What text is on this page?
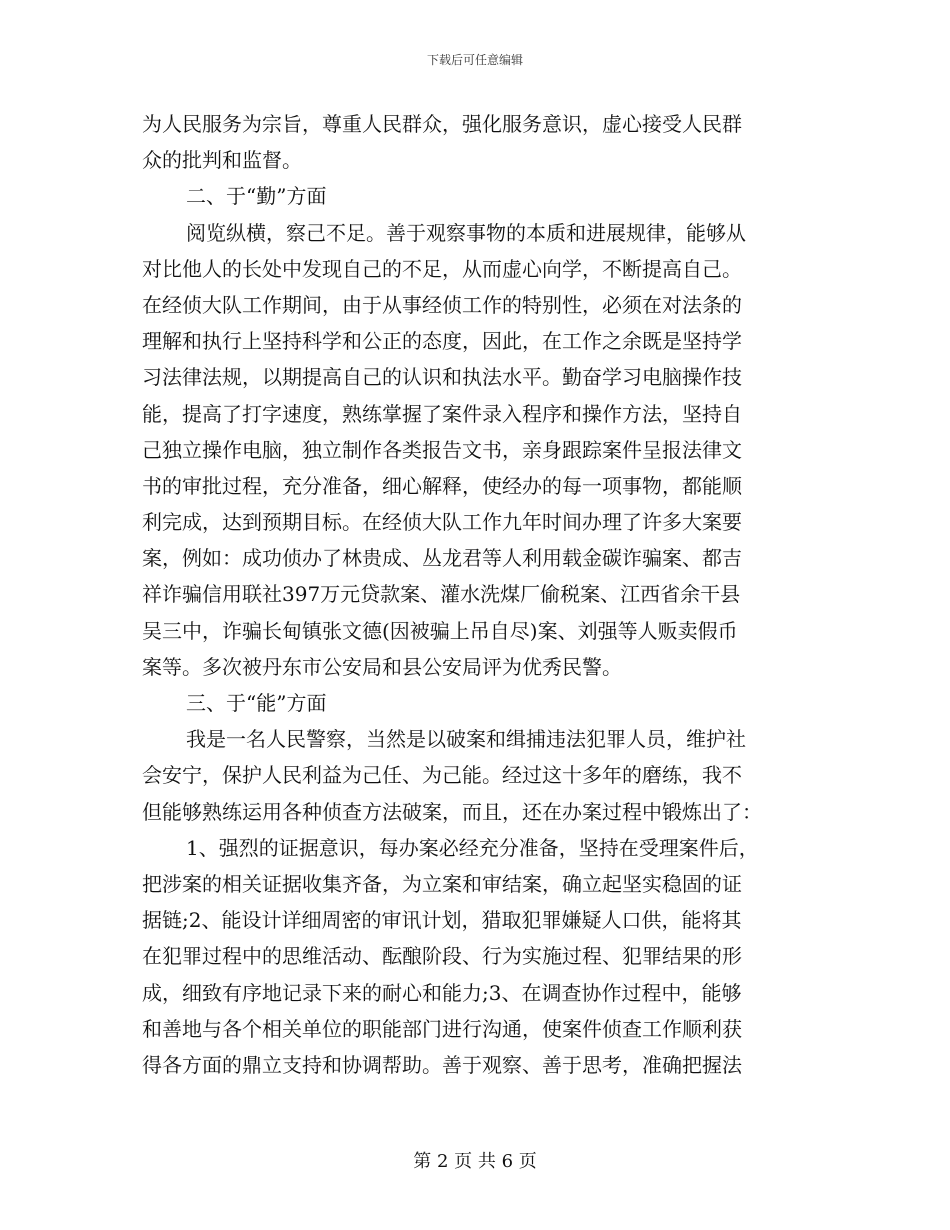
下载后可任意编辑
为人民服务为宗旨，尊重人民群众，强化服务意识，虚心接受人民群
众的批判和监督。
二、于“勤”方面
阅览纵横，察己不足。善于观察事物的本质和进展规律，能够从
对比他人的长处中发现自己的不足，从而虚心向学，不断提高自己。
在经侦大队工作期间，由于从事经侦工作的特别性，必须在对法条的
理解和执行上坚持科学和公正的态度，因此，在工作之余既是坚持学
习法律法规，以期提高自己的认识和执法水平。勤奋学习电脑操作技
能，提高了打字速度，熟练掌握了案件录入程序和操作方法，坚持自
己独立操作电脑，独立制作各类报告文书，亲身跟踪案件呈报法律文
书的审批过程，充分准备，细心解释，使经办的每一项事物，都能顺
利完成，达到预期目标。在经侦大队工作九年时间办理了许多大案要
案，例如：成功侦办了林贵成、丛龙君等人利用载金碳诈骗案、都吉
祥诈骗信用联社397万元贷款案、灌水洗煤厂偷税案、江西省余干县
吴三中，诈骗长甸镇张文德(因被骗上吊自尽)案、刘强等人贩卖假币
案等。多次被丹东市公安局和县公安局评为优秀民警。
三、于“能”方面
我是一名人民警察，当然是以破案和缉捕违法犯罪人员，维护社
会安宁，保护人民利益为己任、为己能。经过这十多年的磨练，我不
但能够熟练运用各种侦查方法破案，而且，还在办案过程中锻炼出了：
1、强烈的证据意识，每办案必经充分准备，坚持在受理案件后，
把涉案的相关证据收集齐备，为立案和审结案，确立起坚实稳固的证
据链;2、能设计详细周密的审讯计划，猎取犯罪嫌疑人口供，能将其
在犯罪过程中的思维活动、酝酿阶段、行为实施过程、犯罪结果的形
成，细致有序地记录下来的耐心和能力;3、在调查协作过程中，能够
和善地与各个相关单位的职能部门进行沟通，使案件侦查工作顺利获
得各方面的鼎立支持和协调帮助。善于观察、善于思考，准确把握法
第 2 页 共 6 页
